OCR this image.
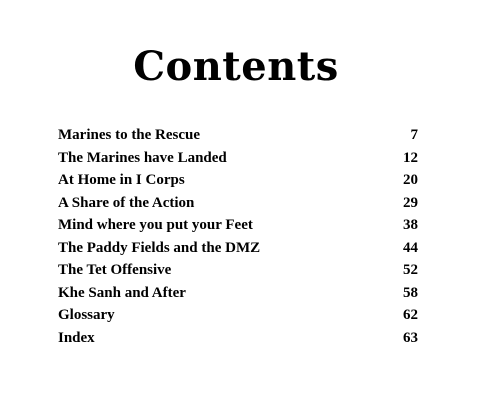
Contents
Marines to the Rescue	7
The Marines have Landed	12
At Home in I Corps	20
A Share of the Action	29
Mind where you put your Feet	38
The Paddy Fields and the DMZ	44
The Tet Offensive	52
Khe Sanh and After	58
Glossary	62
Index	63
